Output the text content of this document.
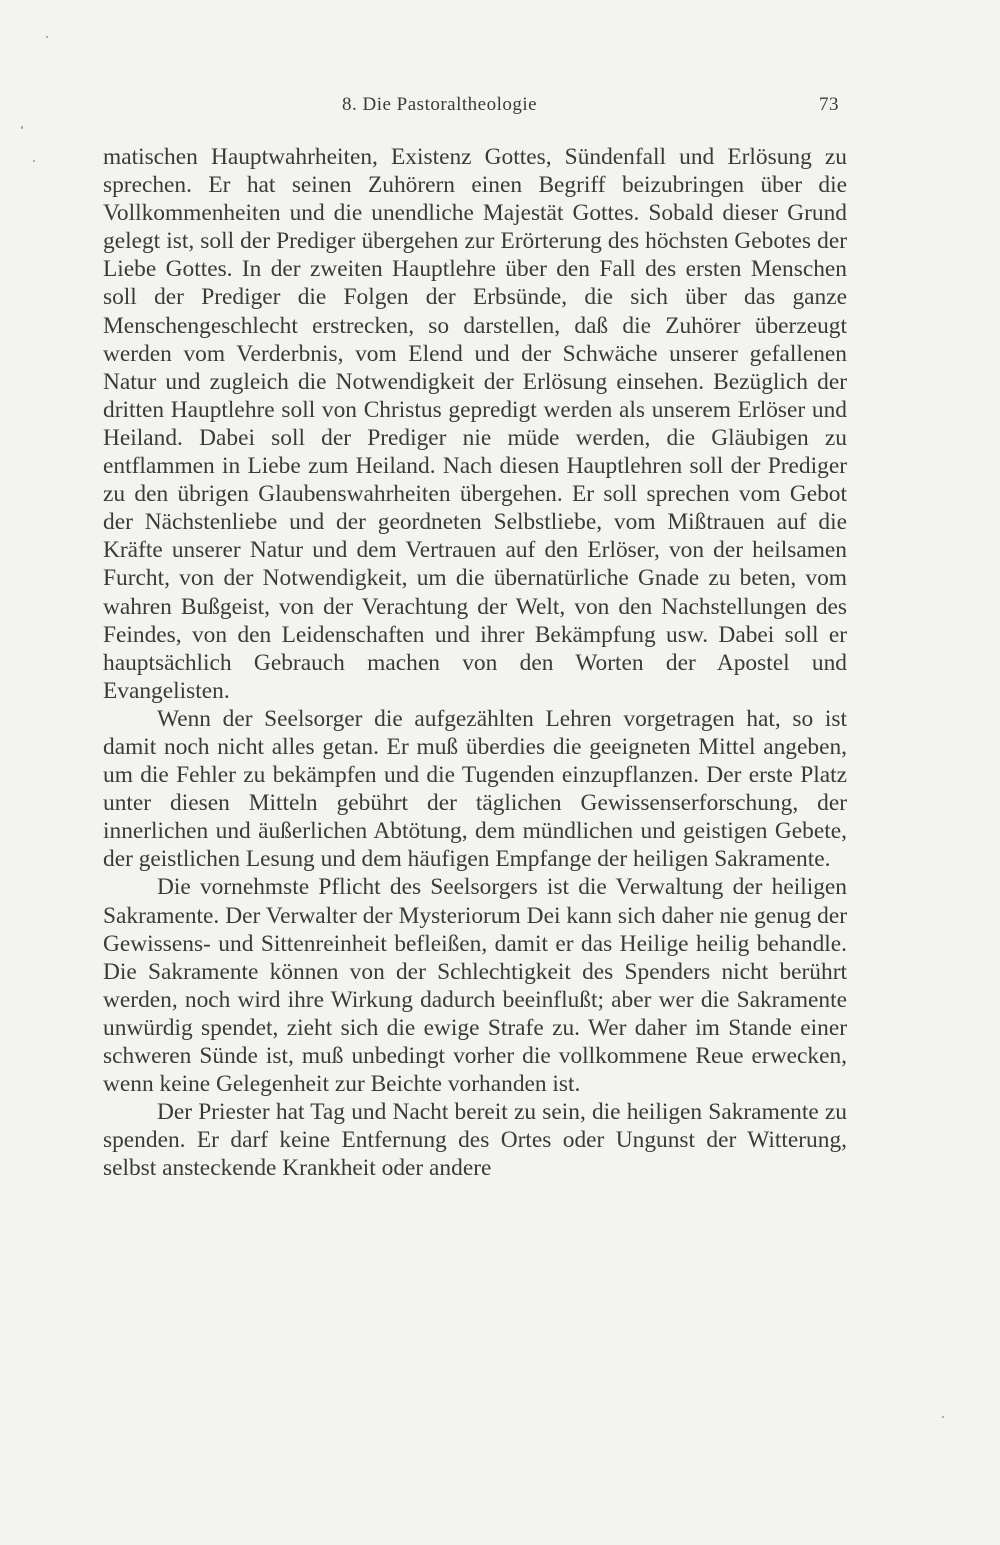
8. Die Pastoraltheologie	73

matischen Hauptwahrheiten, Existenz Gottes, Sündenfall und Erlösung zu sprechen. Er hat seinen Zuhörern einen Begriff beizubringen über die Vollkommenheiten und die unendliche Majestät Gottes. Sobald dieser Grund gelegt ist, soll der Prediger übergehen zur Erörterung des höchsten Gebotes der Liebe Gottes. In der zweiten Hauptlehre über den Fall des ersten Menschen soll der Prediger die Folgen der Erbsünde, die sich über das ganze Menschengeschlecht erstrecken, so darstellen, daß die Zuhörer überzeugt werden vom Verderbnis, vom Elend und der Schwäche unserer gefallenen Natur und zugleich die Notwendigkeit der Erlösung einsehen. Bezüglich der dritten Hauptlehre soll von Christus gepredigt werden als unserem Erlöser und Heiland. Dabei soll der Prediger nie müde werden, die Gläubigen zu entflammen in Liebe zum Heiland. Nach diesen Hauptlehren soll der Prediger zu den übrigen Glaubenswahrheiten übergehen. Er soll sprechen vom Gebot der Nächstenliebe und der geordneten Selbstliebe, vom Mißtrauen auf die Kräfte unserer Natur und dem Vertrauen auf den Erlöser, von der heilsamen Furcht, von der Notwendigkeit, um die übernatürliche Gnade zu beten, vom wahren Bußgeist, von der Verachtung der Welt, von den Nachstellungen des Feindes, von den Leidenschaften und ihrer Bekämpfung usw. Dabei soll er hauptsächlich Gebrauch machen von den Worten der Apostel und Evangelisten.

Wenn der Seelsorger die aufgezählten Lehren vorgetragen hat, so ist damit noch nicht alles getan. Er muß überdies die geeigneten Mittel angeben, um die Fehler zu bekämpfen und die Tugenden einzupflanzen. Der erste Platz unter diesen Mitteln gebührt der täglichen Gewissenserforschung, der innerlichen und äußerlichen Abtötung, dem mündlichen und geistigen Gebete, der geistlichen Lesung und dem häufigen Empfange der heiligen Sakramente.

Die vornehmste Pflicht des Seelsorgers ist die Verwaltung der heiligen Sakramente. Der Verwalter der Mysteriorum Dei kann sich daher nie genug der Gewissens- und Sittenreinheit befleißen, damit er das Heilige heilig behandle. Die Sakramente können von der Schlechtigkeit des Spenders nicht berührt werden, noch wird ihre Wirkung dadurch beeinflußt; aber wer die Sakramente unwürdig spendet, zieht sich die ewige Strafe zu. Wer daher im Stande einer schweren Sünde ist, muß unbedingt vorher die vollkommene Reue erwecken, wenn keine Gelegenheit zur Beichte vorhanden ist.

Der Priester hat Tag und Nacht bereit zu sein, die heiligen Sakramente zu spenden. Er darf keine Entfernung des Ortes oder Ungunst der Witterung, selbst ansteckende Krankheit oder andere
